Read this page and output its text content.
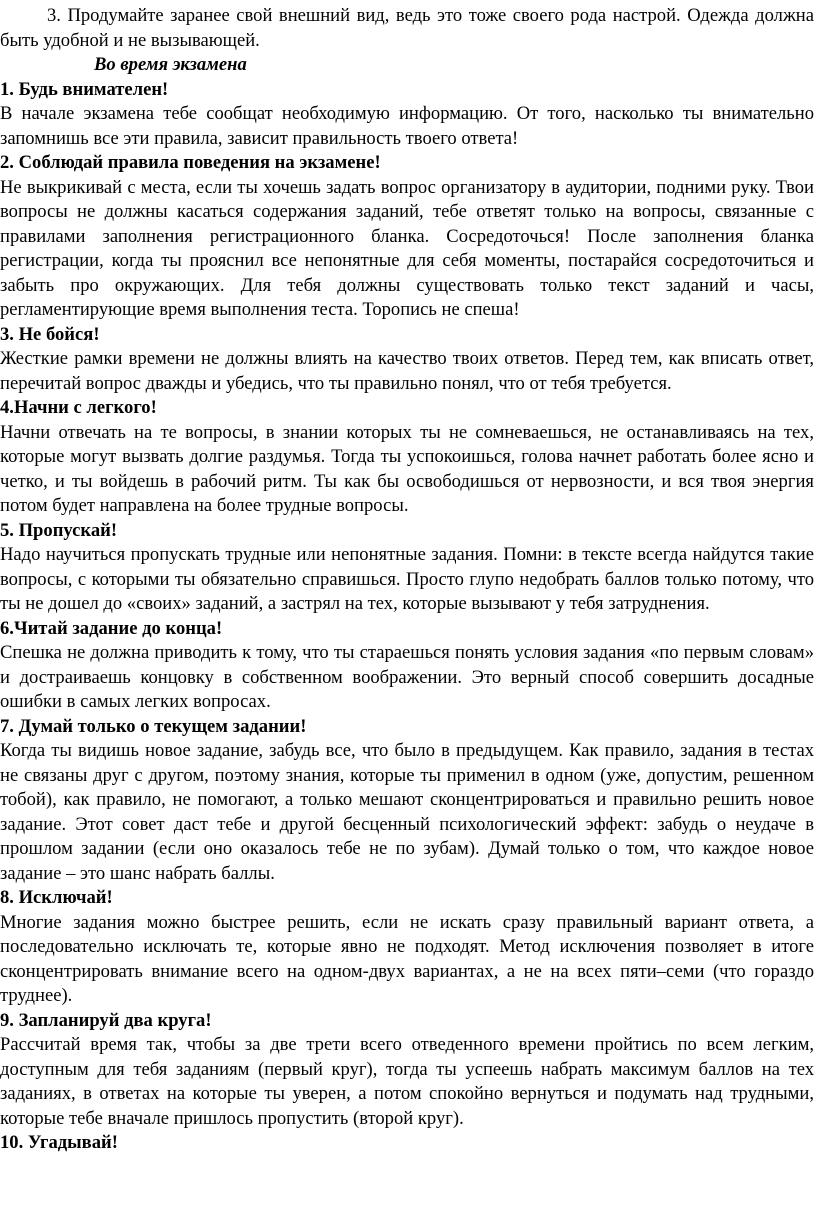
3. Продумайте заранее свой внешний вид, ведь это тоже своего рода настрой. Одежда должна быть удобной и не вызывающей.

Во время экзамена

1. Будь внимателен!

В начале экзамена тебе сообщат необходимую информацию. От того, насколько ты внимательно запомнишь все эти правила, зависит правильность твоего ответа!

2. Соблюдай правила поведения на экзамене!

Не выкрикивай с места, если ты хочешь задать вопрос организатору в аудитории, подними руку. Твои вопросы не должны касаться содержания заданий, тебе ответят только на вопросы, связанные с правилами заполнения регистрационного бланка. Сосредоточься! После заполнения бланка регистрации, когда ты прояснил все непонятные для себя моменты, постарайся сосредоточиться и забыть про окружающих. Для тебя должны существовать только текст заданий и часы, регламентирующие время выполнения теста. Торопись не спеша!

3. Не бойся!

Жесткие рамки времени не должны влиять на качество твоих ответов. Перед тем, как вписать ответ, перечитай вопрос дважды и убедись, что ты правильно понял, что от тебя требуется.

4.Начни с легкого!

Начни отвечать на те вопросы, в знании которых ты не сомневаешься, не останавливаясь на тех, которые могут вызвать долгие раздумья. Тогда ты успокоишься, голова начнет работать более ясно и четко, и ты войдешь в рабочий ритм. Ты как бы освободишься от нервозности, и вся твоя энергия потом будет направлена на более трудные вопросы.

5. Пропускай!

Надо научиться пропускать трудные или непонятные задания. Помни: в тексте всегда найдутся такие вопросы, с которыми ты обязательно справишься. Просто глупо недобрать баллов только потому, что ты не дошел до «своих» заданий, а застрял на тех, которые вызывают у тебя затруднения.

6.Читай задание до конца!

Спешка не должна приводить к тому, что ты стараешься понять условия задания «по первым словам» и достраиваешь концовку в собственном воображении. Это верный способ совершить досадные ошибки в самых легких вопросах.

7. Думай только о текущем задании!

Когда ты видишь новое задание, забудь все, что было в предыдущем. Как правило, задания в тестах не связаны друг с другом, поэтому знания, которые ты применил в одном (уже, допустим, решенном тобой), как правило, не помогают, а только мешают сконцентрироваться и правильно решить новое задание. Этот совет даст тебе и другой бесценный психологический эффект: забудь о неудаче в прошлом задании (если оно оказалось тебе не по зубам). Думай только о том, что каждое новое задание – это шанс набрать баллы.

8. Исключай!

Многие задания можно быстрее решить, если не искать сразу правильный вариант ответа, а последовательно исключать те, которые явно не подходят. Метод исключения позволяет в итоге сконцентрировать внимание всего на одном-двух вариантах, а не на всех пяти–семи (что гораздо труднее).

9. Запланируй два круга!

Рассчитай время так, чтобы за две трети всего отведенного времени пройтись по всем легким, доступным для тебя заданиям (первый круг), тогда ты успеешь набрать максимум баллов на тех заданиях, в ответах на которые ты уверен, а потом спокойно вернуться и подумать над трудными, которые тебе вначале пришлось пропустить (второй круг).

10. Угадывай!
